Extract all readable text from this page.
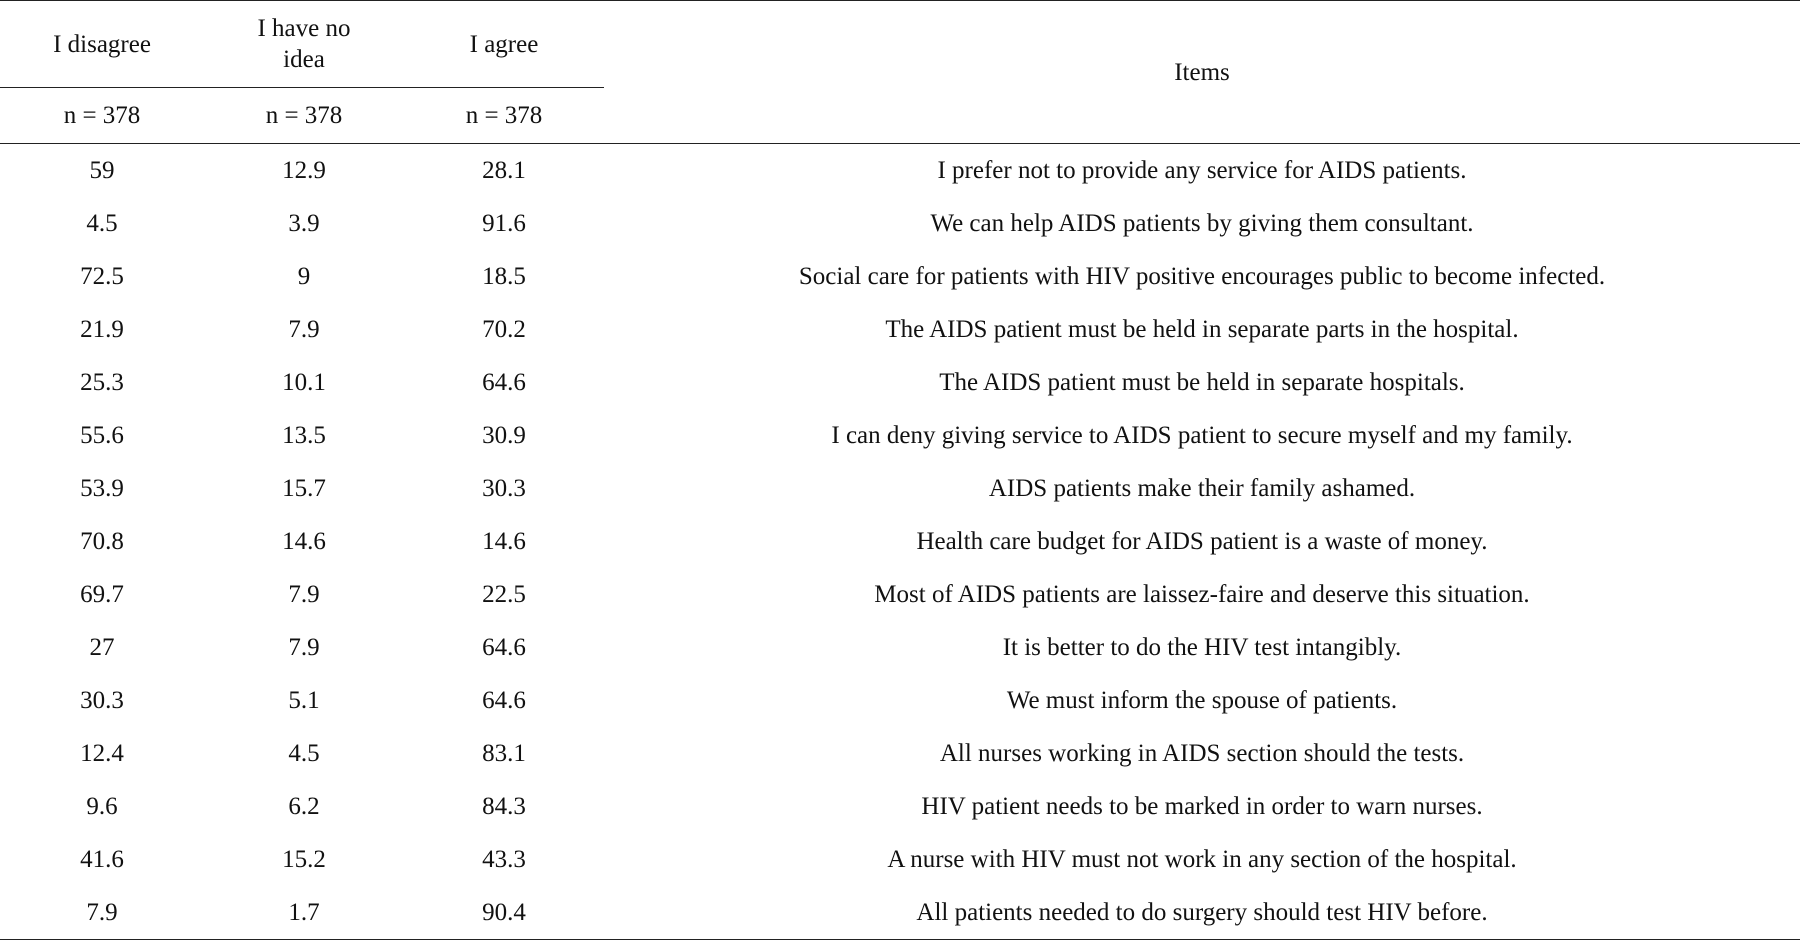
I disagree	I have no idea	I agree	Items
n = 378	n = 378	n = 378	
59	12.9	28.1	I prefer not to provide any service for AIDS patients.
4.5	3.9	91.6	We can help AIDS patients by giving them consultant.
72.5	9	18.5	Social care for patients with HIV positive encourages public to become infected.
21.9	7.9	70.2	The AIDS patient must be held in separate parts in the hospital.
25.3	10.1	64.6	The AIDS patient must be held in separate hospitals.
55.6	13.5	30.9	I can deny giving service to AIDS patient to secure myself and my family.
53.9	15.7	30.3	AIDS patients make their family ashamed.
70.8	14.6	14.6	Health care budget for AIDS patient is a waste of money.
69.7	7.9	22.5	Most of AIDS patients are laissez-faire and deserve this situation.
27	7.9	64.6	It is better to do the HIV test intangibly.
30.3	5.1	64.6	We must inform the spouse of patients.
12.4	4.5	83.1	All nurses working in AIDS section should the tests.
9.6	6.2	84.3	HIV patient needs to be marked in order to warn nurses.
41.6	15.2	43.3	A nurse with HIV must not work in any section of the hospital.
7.9	1.7	90.4	All patients needed to do surgery should test HIV before.
